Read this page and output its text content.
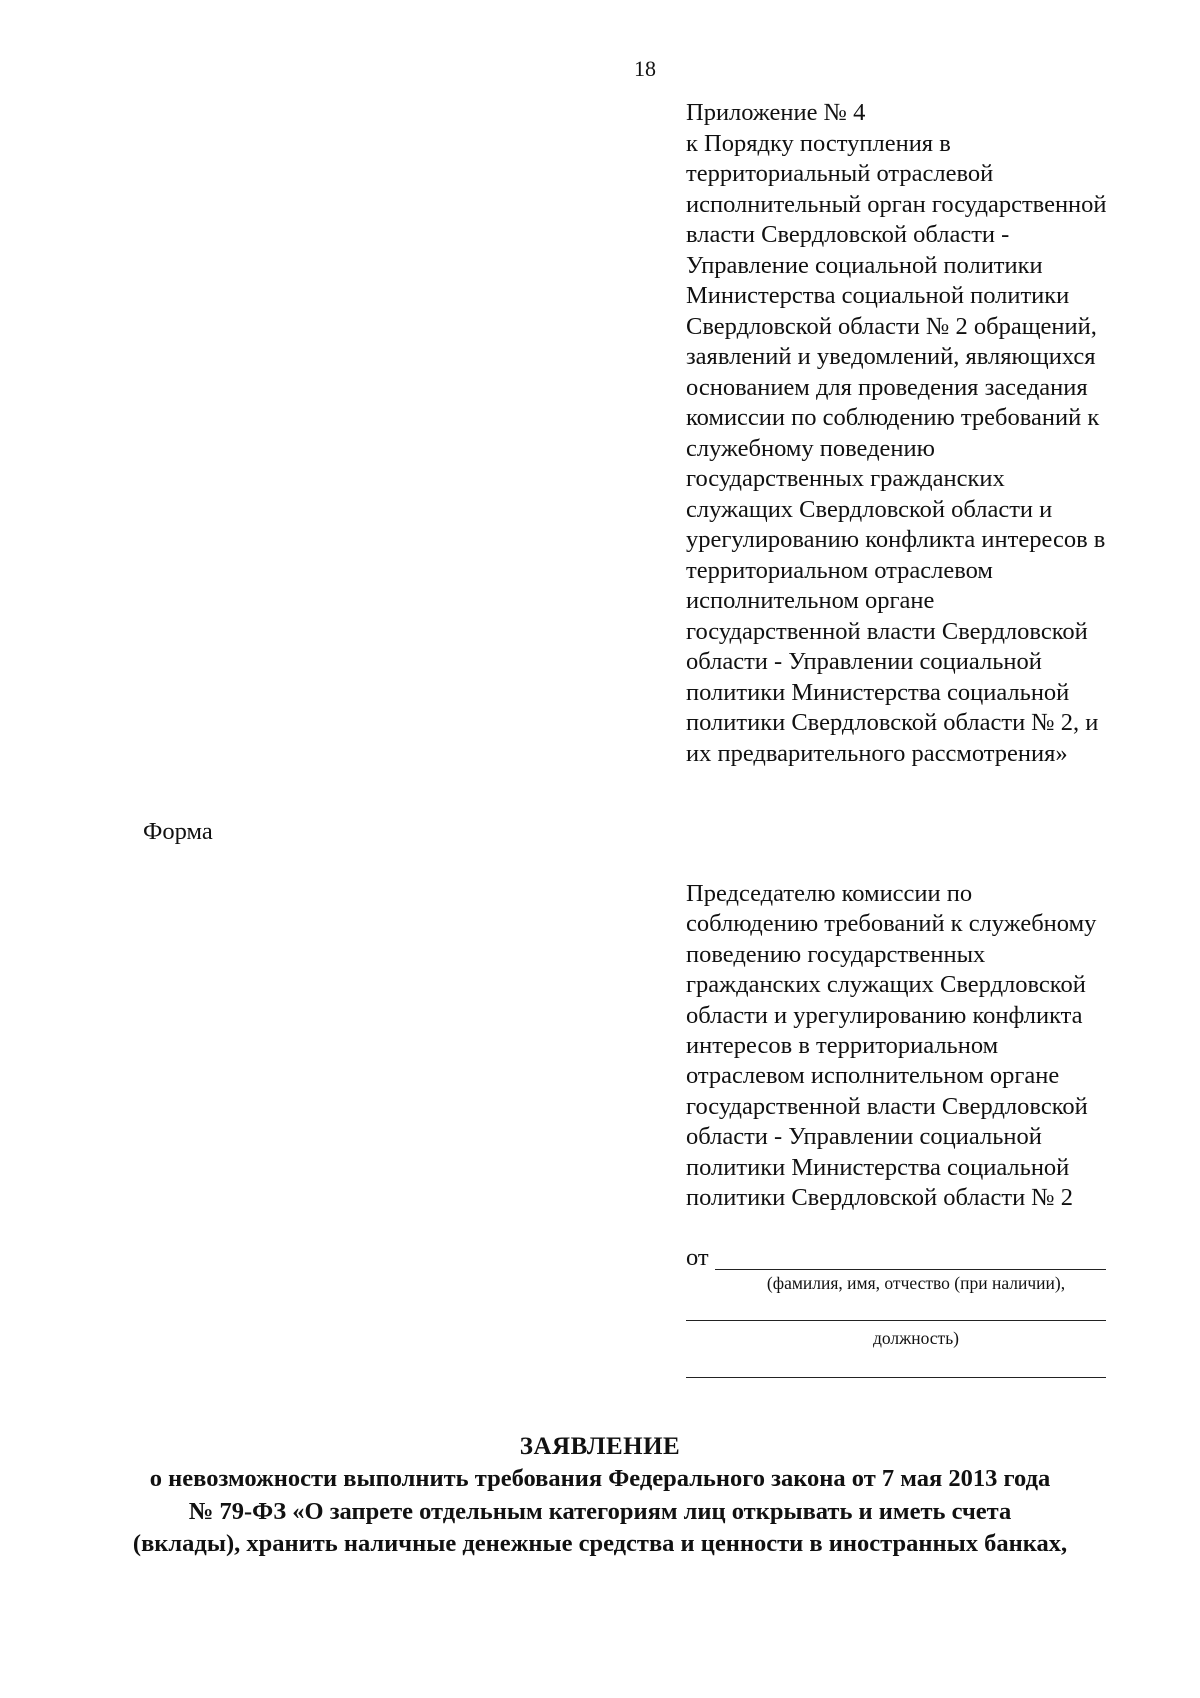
18
Приложение № 4
к Порядку поступления в
территориальный отраслевой
исполнительный орган государственной
власти Свердловской области -
Управление социальной политики
Министерства социальной политики
Свердловской области № 2 обращений,
заявлений и уведомлений, являющихся
основанием для проведения заседания
комиссии по соблюдению требований к
служебному поведению
государственных гражданских
служащих Свердловской области и
урегулированию конфликта интересов в
территориальном отраслевом
исполнительном органе
государственной власти Свердловской
области - Управлении социальной
политики Министерства социальной
политики Свердловской области № 2, и
их предварительного рассмотрения»
Форма
Председателю комиссии по
соблюдению требований к служебному
поведению государственных
гражданских служащих Свердловской
области и урегулированию конфликта
интересов в территориальном
отраслевом исполнительном органе
государственной власти Свердловской
области - Управлении социальной
политики Министерства социальной
политики Свердловской области № 2
от
(фамилия, имя, отчество (при наличии),
должность)
ЗАЯВЛЕНИЕ
о невозможности выполнить требования Федерального закона от 7 мая 2013 года
№ 79-ФЗ «О запрете отдельным категориям лиц открывать и иметь счета
(вклады), хранить наличные денежные средства и ценности в иностранных банках,
